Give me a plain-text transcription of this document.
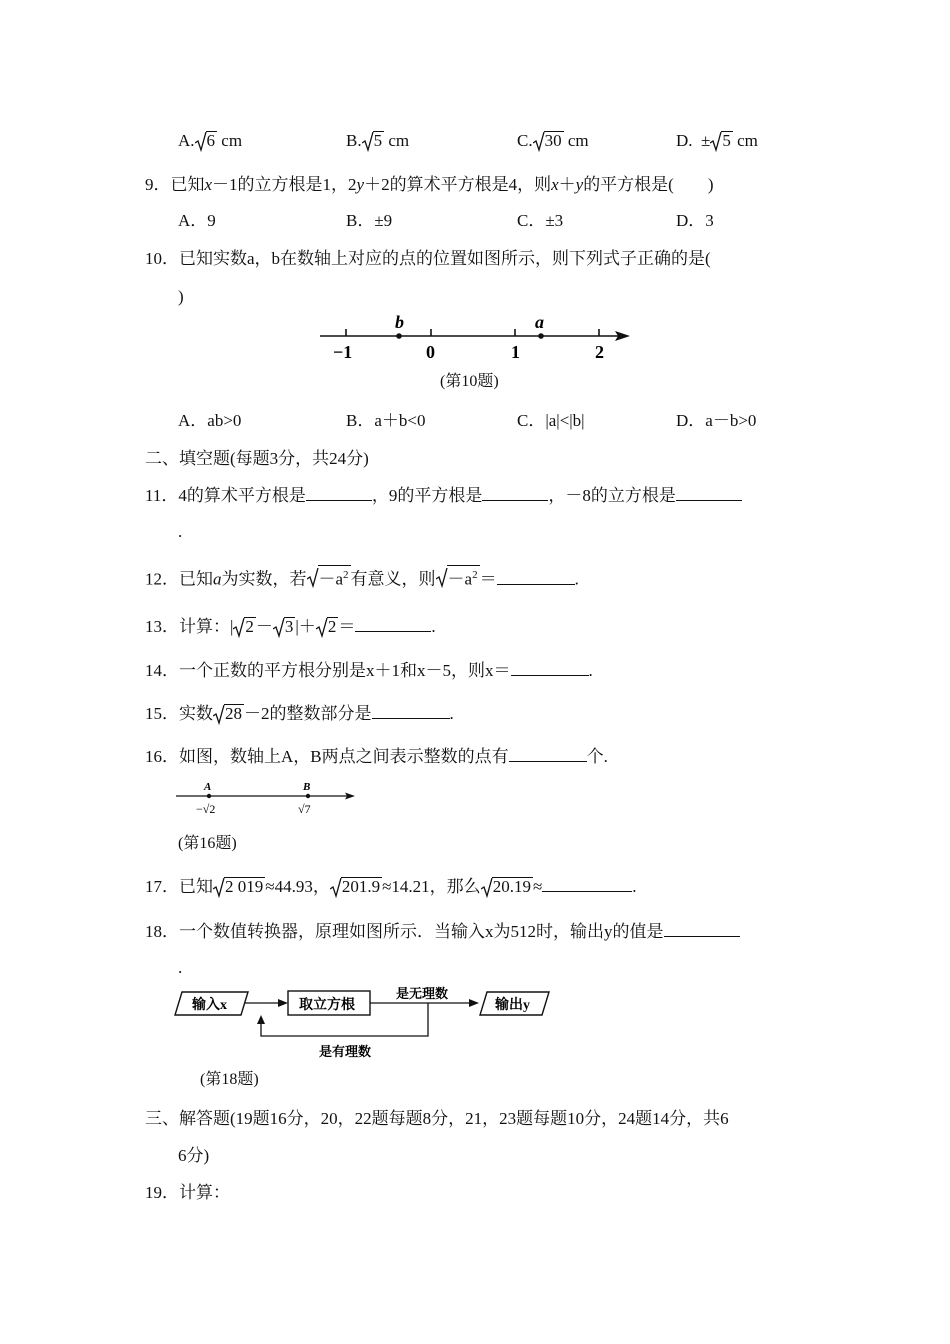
A. 6 cm	B. 5 cm	C. 30 cm	D.  ± 5 cm
9．已知x－1的立方根是1，2y＋2的算术平方根是4，则x＋y的平方根是(　　)
A．9	B．±9	C．±3	D．3
10．已知实数a，b在数轴上对应的点的位置如图所示，则下列式子正确的是(
)
b	a
−1	0	1	2
(第10题)
A．ab>0	B．a＋b<0	C．|a|<|b|	D．a－b>0
二、填空题(每题3分，共24分)
11．4的算术平方根是	，9的平方根是	，－8的立方根是
.
12．已知a为实数，若 $-a^2$ 有意义，则 $-a^2$ ＝	.
13．计算：| 2 － 3 |＋ 2 ＝	.
14．一个正数的平方根分别是x＋1和x－5，则x＝	.
15．实数 28 －2的整数部分是	.
16．如图，数轴上A，B两点之间表示整数的点有	个.
A	B
−√2	√7
(第16题)
17．已知 2 019 ≈44.93， 201.9 ≈14.21，那么 20.19 ≈	.
18．一个数值转换器，原理如图所示．当输入x为512时，输出y的值是
.
输入x	取立方根
是无理数
输出y
是有理数
(第18题)
三、解答题(19题16分，20，22题每题8分，21，23题每题10分，24题14分，共6
6分)
19．计算：
